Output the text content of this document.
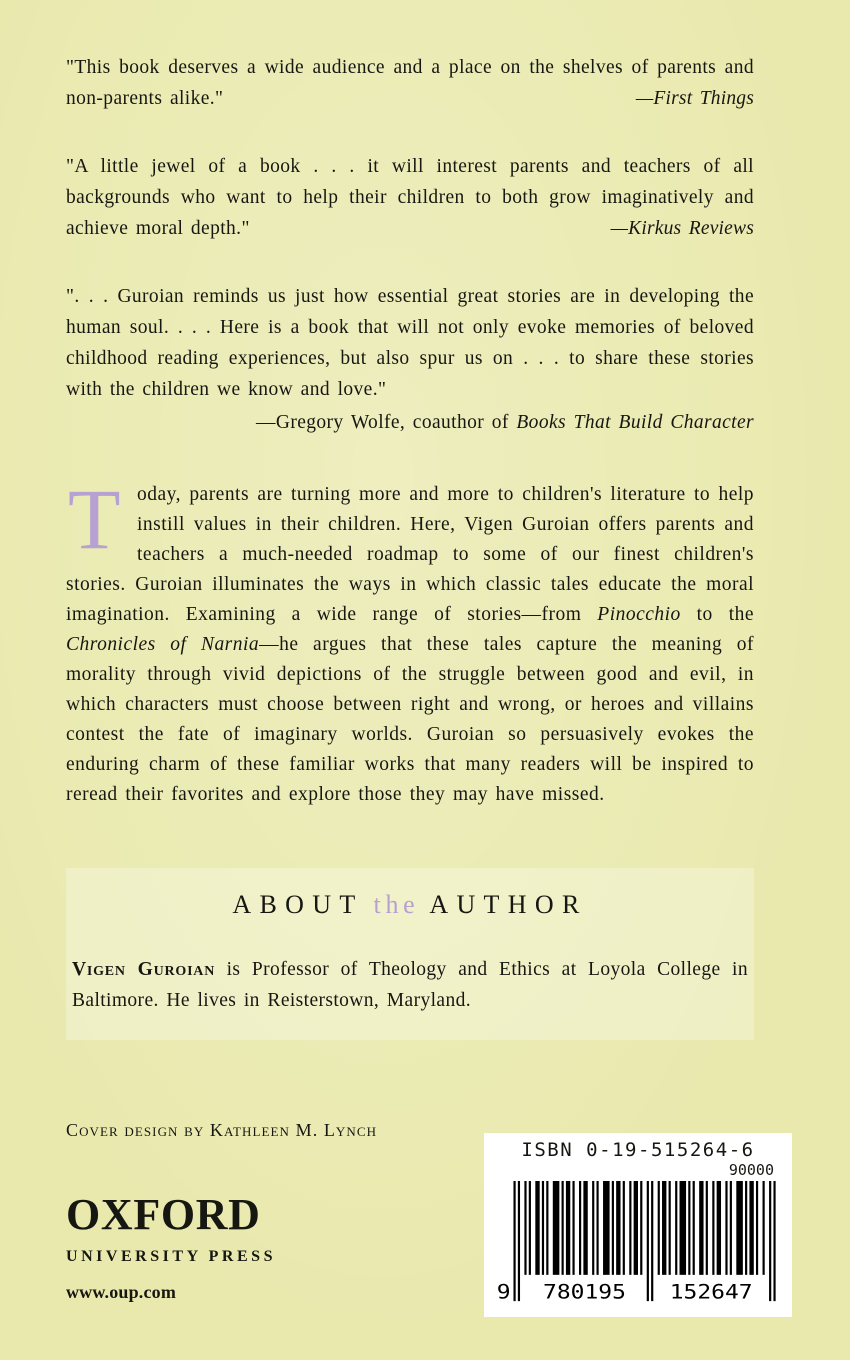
"This book deserves a wide audience and a place on the shelves of parents and non-parents alike."	—First Things

"A little jewel of a book . . . it will interest parents and teachers of all backgrounds who want to help their children to both grow imaginatively and achieve moral depth."	—Kirkus Reviews

". . . Guroian reminds us just how essential great stories are in developing the human soul. . . . Here is a book that will not only evoke memories of beloved childhood reading experiences, but also spur us on . . . to share these stories with the children we know and love."

—Gregory Wolfe, coauthor of Books That Build Character
Today, parents are turning more and more to children's literature to help instill values in their children. Here, Vigen Guroian offers parents and teachers a much-needed roadmap to some of our finest children's stories. Guroian illuminates the ways in which classic tales educate the moral imagination. Examining a wide range of stories—from Pinocchio to the Chronicles of Narnia—he argues that these tales capture the meaning of morality through vivid depictions of the struggle between good and evil, in which characters must choose between right and wrong, or heroes and villains contest the fate of imaginary worlds. Guroian so persuasively evokes the enduring charm of these familiar works that many readers will be inspired to reread their favorites and explore those they may have missed.
ABOUT the AUTHOR

Vigen Guroian is Professor of Theology and Ethics at Loyola College in Baltimore. He lives in Reisterstown, Maryland.

Cover design by Kathleen M. Lynch
OXFORD
UNIVERSITY PRESS
www.oup.com
ISBN 0-19-515264-6
90000
9 780195 152647
